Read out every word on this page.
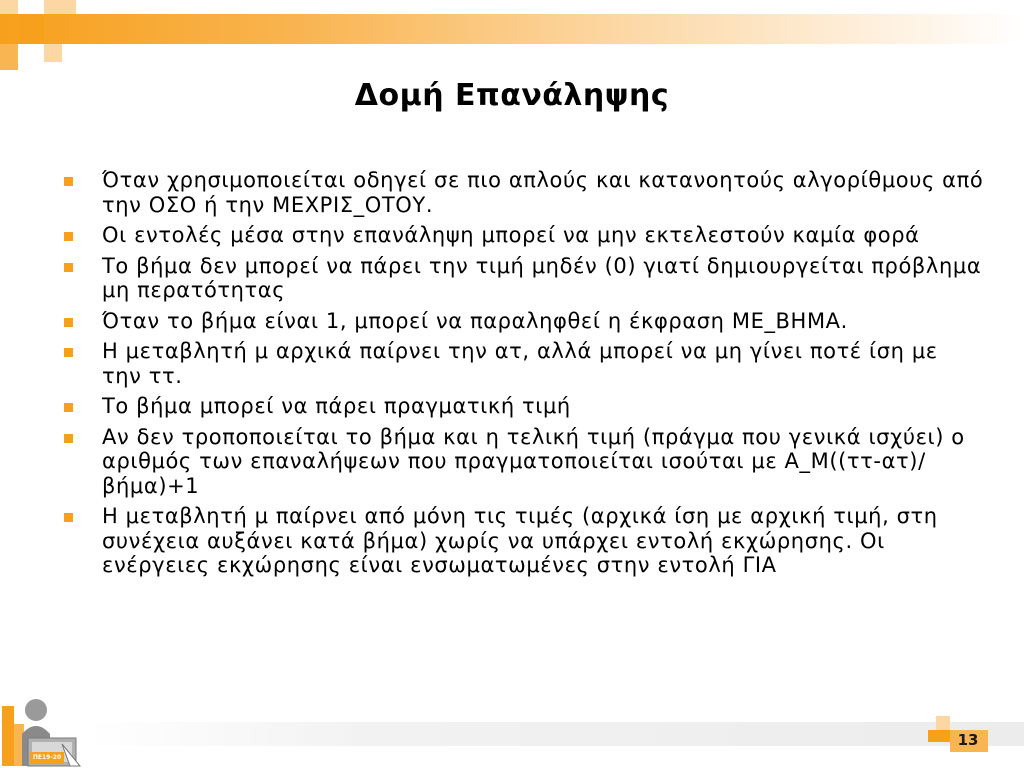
Δομή Επανάληψης
Όταν χρησιμοποιείται οδηγεί σε πιο απλούς και κατανοητούς αλγορίθμους από την ΟΣΟ ή την ΜΕΧΡΙΣ_ΟΤΟΥ.
Οι εντολές μέσα στην επανάληψη μπορεί να μην εκτελεστούν καμία φορά
Το βήμα δεν μπορεί να πάρει την τιμή μηδέν (0) γιατί δημιουργείται πρόβλημα μη περατότητας
Όταν το βήμα είναι 1, μπορεί να παραληφθεί η έκφραση ΜΕ_ΒΗΜΑ.
Η μεταβλητή μ αρχικά παίρνει την ατ, αλλά μπορεί να μη γίνει ποτέ ίση με την ττ.
Το βήμα μπορεί να πάρει πραγματική τιμή
Αν δεν τροποποιείται το βήμα και η τελική τιμή (πράγμα που γενικά ισχύει) ο αριθμός των επαναλήψεων που πραγματοποιείται ισούται με Α_Μ((ττ-ατ)/βήμα)+1
Η μεταβλητή μ παίρνει από μόνη τις τιμές (αρχικά ίση με αρχική τιμή, στη συνέχεια αυξάνει κατά βήμα) χωρίς να υπάρχει εντολή εκχώρησης. Οι ενέργειες εκχώρησης είναι ενσωματωμένες στην εντολή ΓΙΑ
ΠΕ19-20
13
